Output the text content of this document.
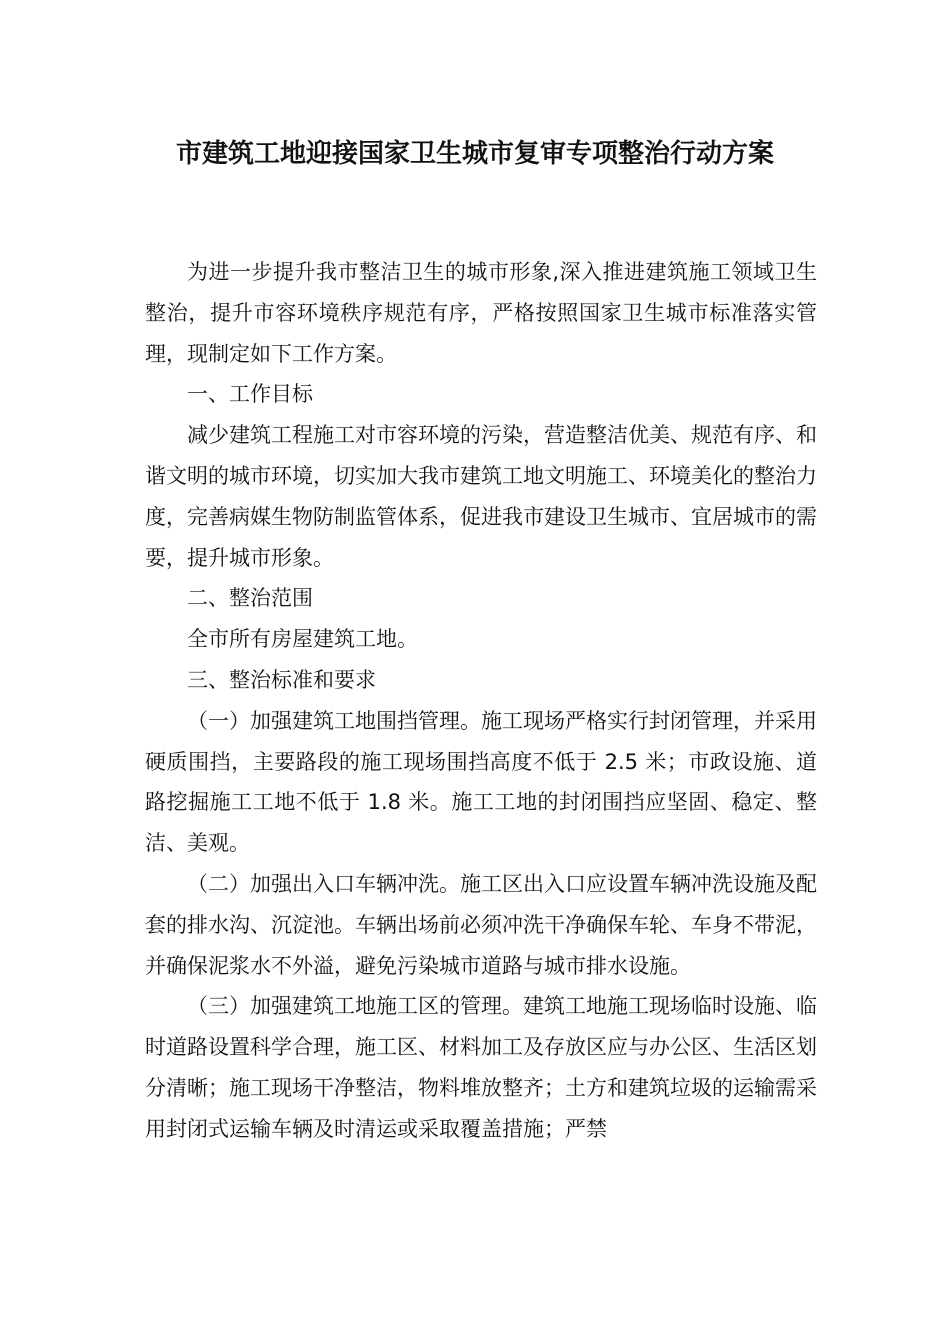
市建筑工地迎接国家卫生城市复审专项整治行动方案

为进一步提升我市整洁卫生的城市形象,深入推进建筑施工领域卫生整治，提升市容环境秩序规范有序，严格按照国家卫生城市标准落实管理，现制定如下工作方案。

一、工作目标

减少建筑工程施工对市容环境的污染，营造整洁优美、规范有序、和谐文明的城市环境，切实加大我市建筑工地文明施工、环境美化的整治力度，完善病媒生物防制监管体系，促进我市建设卫生城市、宜居城市的需要，提升城市形象。

二、整治范围

全市所有房屋建筑工地。

三、整治标准和要求

（一）加强建筑工地围挡管理。施工现场严格实行封闭管理，并采用硬质围挡，主要路段的施工现场围挡高度不低于 2.5 米；市政设施、道路挖掘施工工地不低于 1.8 米。施工工地的封闭围挡应坚固、稳定、整洁、美观。

（二）加强出入口车辆冲洗。施工区出入口应设置车辆冲洗设施及配套的排水沟、沉淀池。车辆出场前必须冲洗干净确保车轮、车身不带泥，并确保泥浆水不外溢，避免污染城市道路与城市排水设施。

（三）加强建筑工地施工区的管理。建筑工地施工现场临时设施、临时道路设置科学合理，施工区、材料加工及存放区应与办公区、生活区划分清晰；施工现场干净整洁，物料堆放整齐；土方和建筑垃圾的运输需采用封闭式运输车辆及时清运或采取覆盖措施；严禁
